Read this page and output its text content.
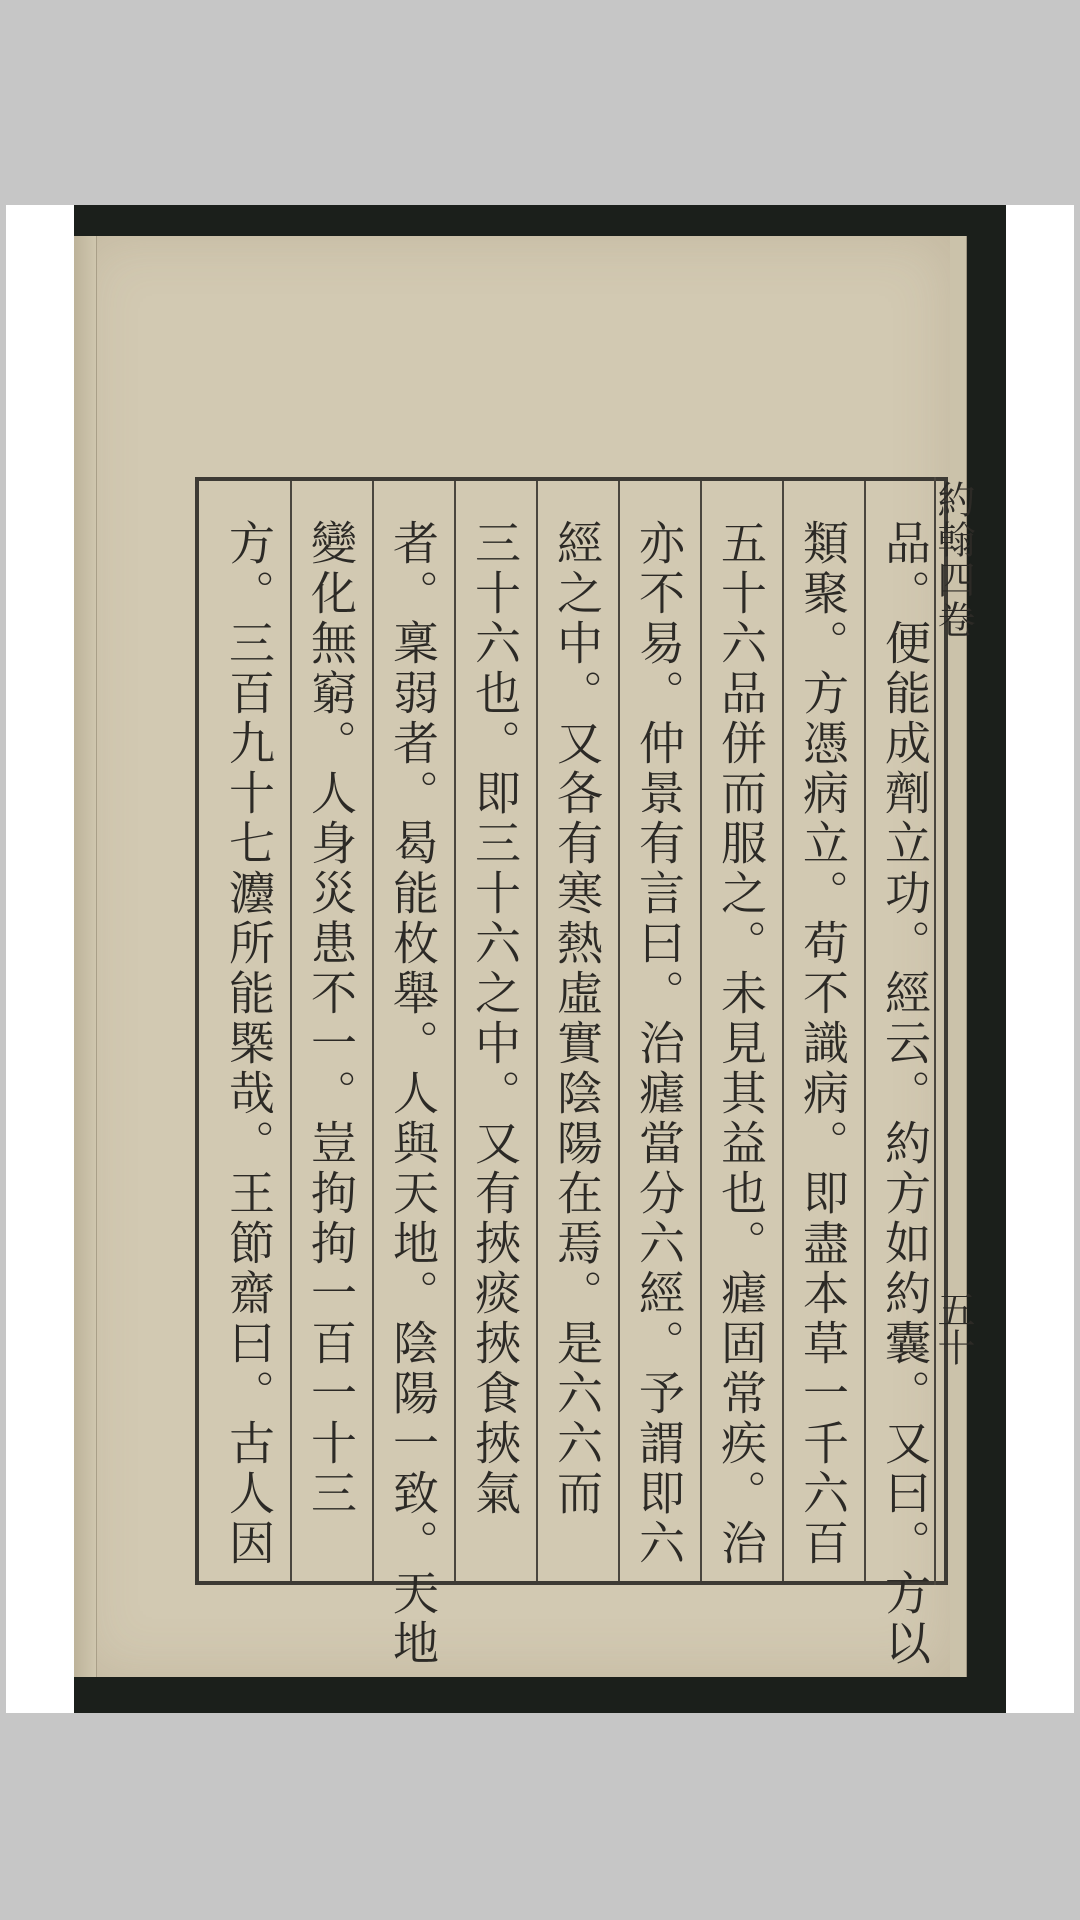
品。便能成劑立功。經云。約方如約囊。又曰。方以
類聚。方憑病立。苟不識病。即盡本草一千六百
五十六品併而服之。未見其益也。瘧固常疾。治
亦不易。仲景有言曰。治瘧當分六經。予謂即六
經之中。又各有寒熱虛實陰陽在焉。是六六而
三十六也。即三十六之中。又有挾痰挾食挾氣
者。稟弱者。曷能枚舉。人與天地。陰陽一致。天地
變化無窮。人身災患不一。豈拘拘一百一十三
方。三百九十七灋所能槩哉。王節齋曰。古人因	約翰四卷
五十
